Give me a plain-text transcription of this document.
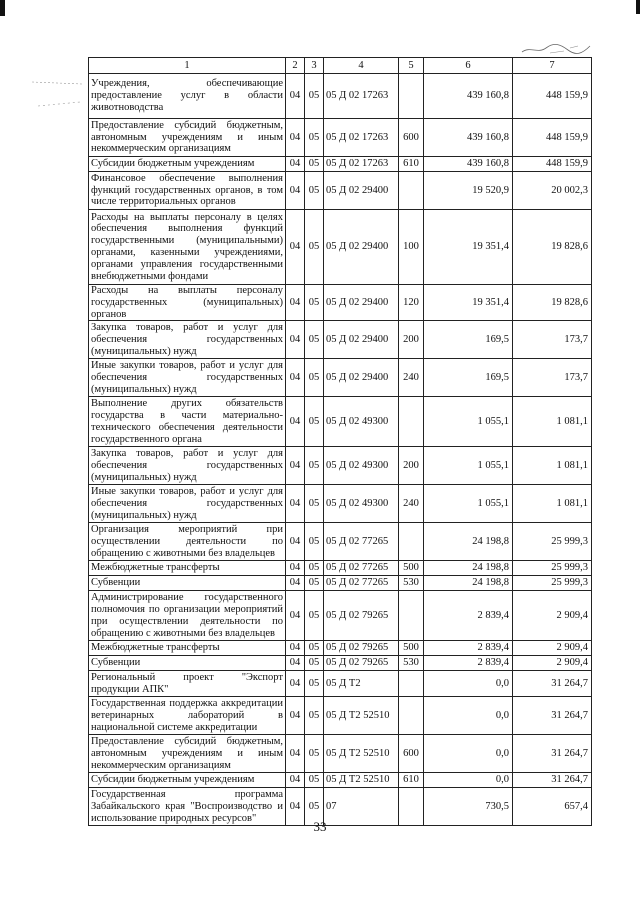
1	2	3	4	5	6	7
Учреждения, обеспечивающие предоставление услуг в области животноводства	04	05	05 Д 02 17263		439 160,8	448 159,9
Предоставление субсидий бюджетным, автономным учреждениям и иным некоммерческим организациям	04	05	05 Д 02 17263	600	439 160,8	448 159,9
Субсидии бюджетным учреждениям	04	05	05 Д 02 17263	610	439 160,8	448 159,9
Финансовое обеспечение выполнения функций государственных органов, в том числе территориальных органов	04	05	05 Д 02 29400		19 520,9	20 002,3
Расходы на выплаты персоналу в целях обеспечения выполнения функций государственными (муниципальными) органами, казенными учреждениями, органами управления государственными внебюджетными фондами	04	05	05 Д 02 29400	100	19 351,4	19 828,6
Расходы на выплаты персоналу государственных (муниципальных) органов	04	05	05 Д 02 29400	120	19 351,4	19 828,6
Закупка товаров, работ и услуг для обеспечения государственных (муниципальных) нужд	04	05	05 Д 02 29400	200	169,5	173,7
Иные закупки товаров, работ и услуг для обеспечения государственных (муниципальных) нужд	04	05	05 Д 02 29400	240	169,5	173,7
Выполнение других обязательств государства в части материально-технического обеспечения деятельности государственного органа	04	05	05 Д 02 49300		1 055,1	1 081,1
Закупка товаров, работ и услуг для обеспечения государственных (муниципальных) нужд	04	05	05 Д 02 49300	200	1 055,1	1 081,1
Иные закупки товаров, работ и услуг для обеспечения государственных (муниципальных) нужд	04	05	05 Д 02 49300	240	1 055,1	1 081,1
Организация мероприятий при осуществлении деятельности по обращению с животными без владельцев	04	05	05 Д 02 77265		24 198,8	25 999,3
Межбюджетные трансферты	04	05	05 Д 02 77265	500	24 198,8	25 999,3
Субвенции	04	05	05 Д 02 77265	530	24 198,8	25 999,3
Администрирование государственного полномочия по организации мероприятий при осуществлении деятельности по обращению с животными без владельцев	04	05	05 Д 02 79265		2 839,4	2 909,4
Межбюджетные трансферты	04	05	05 Д 02 79265	500	2 839,4	2 909,4
Субвенции	04	05	05 Д 02 79265	530	2 839,4	2 909,4
Региональный проект "Экспорт продукции АПК"	04	05	05 Д Т2		0,0	31 264,7
Государственная поддержка аккредитации ветеринарных лабораторий в национальной системе аккредитации	04	05	05 Д Т2 52510		0,0	31 264,7
Предоставление субсидий бюджетным, автономным учреждениям и иным некоммерческим организациям	04	05	05 Д Т2 52510	600	0,0	31 264,7
Субсидии бюджетным учреждениям	04	05	05 Д Т2 52510	610	0,0	31 264,7
Государственная программа Забайкальского края "Воспроизводство и использование природных ресурсов"	04	05	07		730,5	657,4
33
